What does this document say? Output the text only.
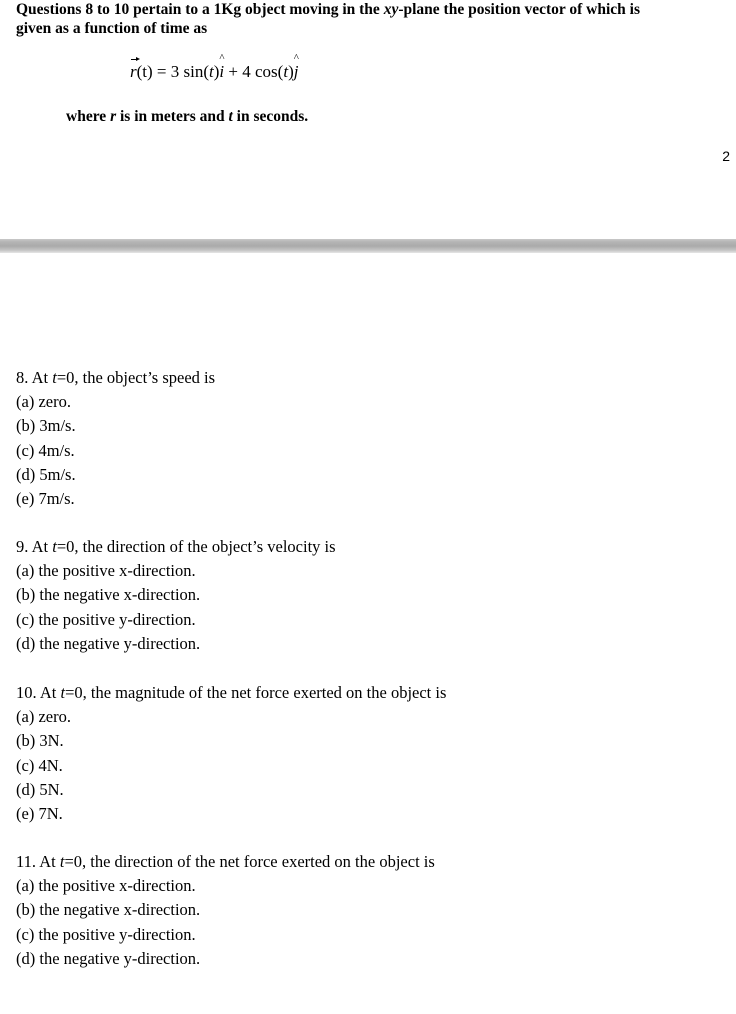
Questions 8 to 10 pertain to a 1Kg object moving in the xy-plane the position vector of which is
given as a function of time as
r(t) = 3 sin(t)^ i + 4 cos(t)^ j
where r is in meters and t in seconds.
2

8. At t=0, the object’s speed is

(a) zero.

(b) 3m/s.

(c) 4m/s.

(d) 5m/s.

(e) 7m/s.

9. At t=0, the direction of the object’s velocity is

(a) the positive x-direction.

(b) the negative x-direction.

(c) the positive y-direction.

(d) the negative y-direction.

10. At t=0, the magnitude of the net force exerted on the object is

(a) zero.

(b) 3N.

(c) 4N.

(d) 5N.

(e) 7N.

11. At t=0, the direction of the net force exerted on the object is

(a) the positive x-direction.

(b) the negative x-direction.

(c) the positive y-direction.

(d) the negative y-direction.
